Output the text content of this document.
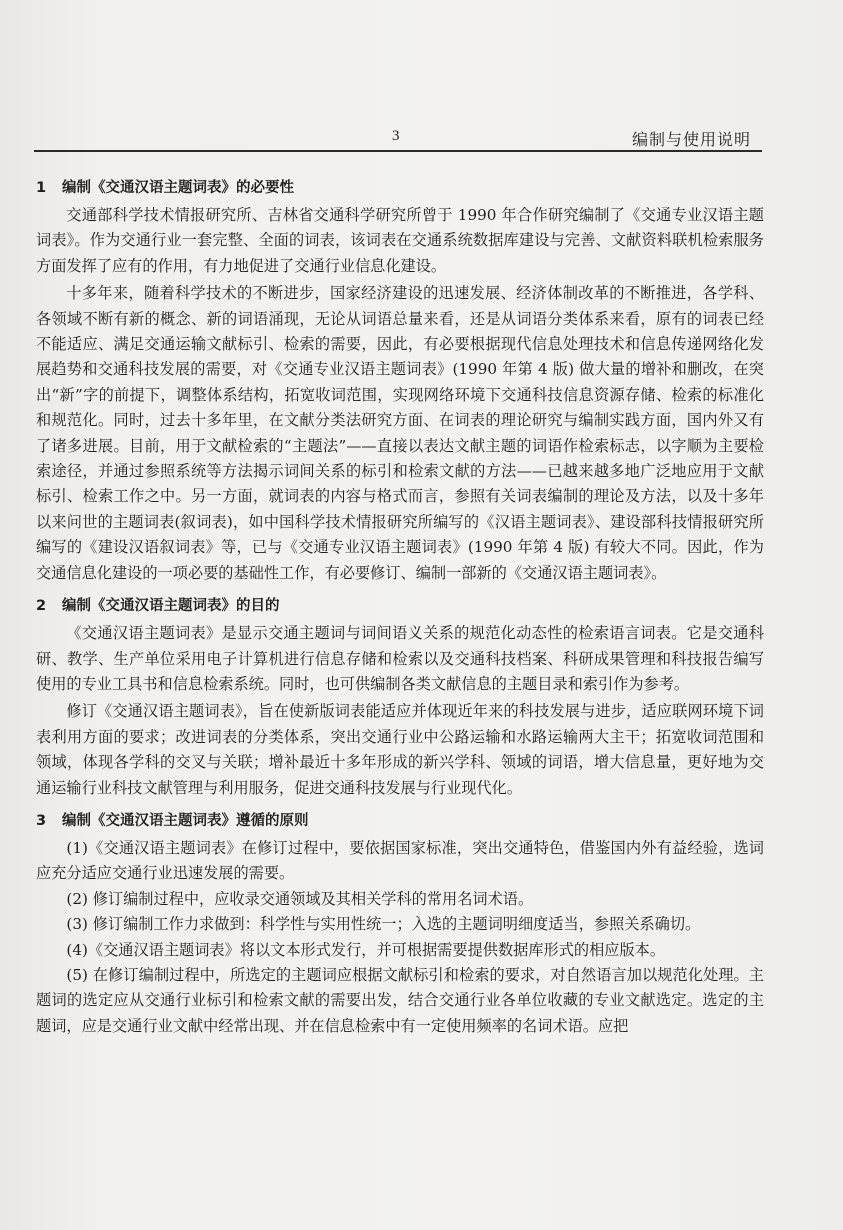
3	编制与使用说明
1 编制《交通汉语主题词表》的必要性

交通部科学技术情报研究所、吉林省交通科学研究所曾于 1990 年合作研究编制了《交通专业汉语主题词表》。作为交通行业一套完整、全面的词表，该词表在交通系统数据库建设与完善、文献资料联机检索服务方面发挥了应有的作用，有力地促进了交通行业信息化建设。

十多年来，随着科学技术的不断进步，国家经济建设的迅速发展、经济体制改革的不断推进，各学科、各领域不断有新的概念、新的词语涌现，无论从词语总量来看，还是从词语分类体系来看，原有的词表已经不能适应、满足交通运输文献标引、检索的需要，因此，有必要根据现代信息处理技术和信息传递网络化发展趋势和交通科技发展的需要，对《交通专业汉语主题词表》(1990 年第 4 版) 做大量的增补和删改，在突出“新”字的前提下，调整体系结构，拓宽收词范围，实现网络环境下交通科技信息资源存储、检索的标准化和规范化。同时，过去十多年里，在文献分类法研究方面、在词表的理论研究与编制实践方面，国内外又有了诸多进展。目前，用于文献检索的“主题法”——直接以表达文献主题的词语作检索标志，以字顺为主要检索途径，并通过参照系统等方法揭示词间关系的标引和检索文献的方法——已越来越多地广泛地应用于文献标引、检索工作之中。另一方面，就词表的内容与格式而言，参照有关词表编制的理论及方法，以及十多年以来问世的主题词表(叙词表)，如中国科学技术情报研究所编写的《汉语主题词表》、建设部科技情报研究所编写的《建设汉语叙词表》等，已与《交通专业汉语主题词表》(1990 年第 4 版) 有较大不同。因此，作为交通信息化建设的一项必要的基础性工作，有必要修订、编制一部新的《交通汉语主题词表》。

2 编制《交通汉语主题词表》的目的

《交通汉语主题词表》是显示交通主题词与词间语义关系的规范化动态性的检索语言词表。它是交通科研、教学、生产单位采用电子计算机进行信息存储和检索以及交通科技档案、科研成果管理和科技报告编写使用的专业工具书和信息检索系统。同时，也可供编制各类文献信息的主题目录和索引作为参考。

修订《交通汉语主题词表》，旨在使新版词表能适应并体现近年来的科技发展与进步，适应联网环境下词表利用方面的要求；改进词表的分类体系，突出交通行业中公路运输和水路运输两大主干；拓宽收词范围和领域，体现各学科的交叉与关联；增补最近十多年形成的新兴学科、领域的词语，增大信息量，更好地为交通运输行业科技文献管理与利用服务，促进交通科技发展与行业现代化。

3 编制《交通汉语主题词表》遵循的原则

(1)《交通汉语主题词表》在修订过程中，要依据国家标准，突出交通特色，借鉴国内外有益经验，选词应充分适应交通行业迅速发展的需要。

(2) 修订编制过程中，应收录交通领域及其相关学科的常用名词术语。

(3) 修订编制工作力求做到：科学性与实用性统一；入选的主题词明细度适当，参照关系确切。

(4)《交通汉语主题词表》将以文本形式发行，并可根据需要提供数据库形式的相应版本。

(5) 在修订编制过程中，所选定的主题词应根据文献标引和检索的要求，对自然语言加以规范化处理。主题词的选定应从交通行业标引和检索文献的需要出发，结合交通行业各单位收藏的专业文献选定。选定的主题词，应是交通行业文献中经常出现、并在信息检索中有一定使用频率的名词术语。应把
